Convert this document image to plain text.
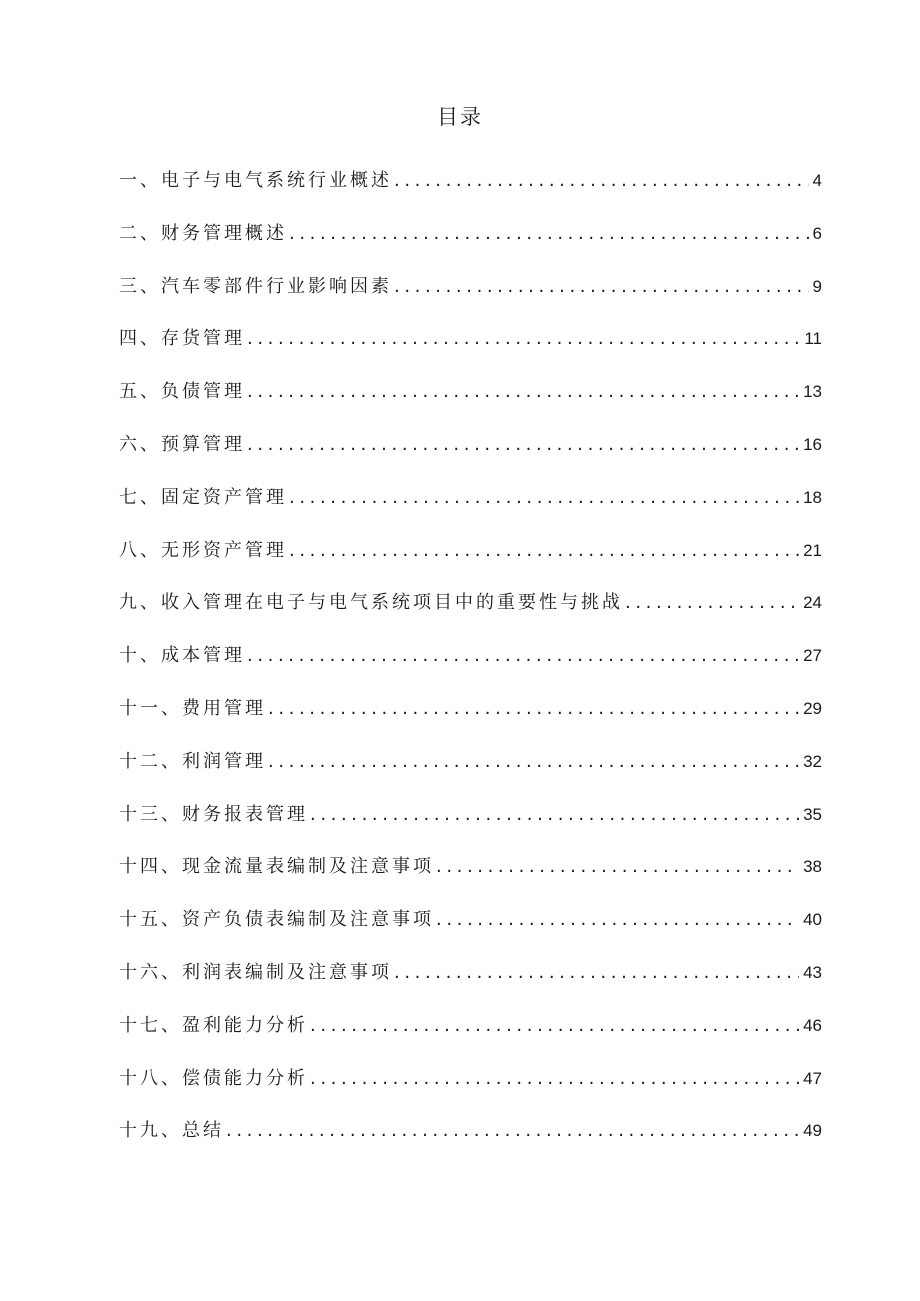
目录
一、电子与电气系统行业概述 .....	4
二、财务管理概述 .....	6
三、汽车零部件行业影响因素 .....	9
四、存货管理 .....	11
五、负债管理 .....	13
六、预算管理 .....	16
七、固定资产管理 .....	18
八、无形资产管理 .....	21
九、收入管理在电子与电气系统项目中的重要性与挑战 .....	24
十、成本管理 .....	27
十一、费用管理 .....	29
十二、利润管理 .....	32
十三、财务报表管理 .....	35
十四、现金流量表编制及注意事项 .....	38
十五、资产负债表编制及注意事项 .....	40
十六、利润表编制及注意事项 .....	43
十七、盈利能力分析 .....	46
十八、偿债能力分析 .....	47
十九、总结 .....	49
